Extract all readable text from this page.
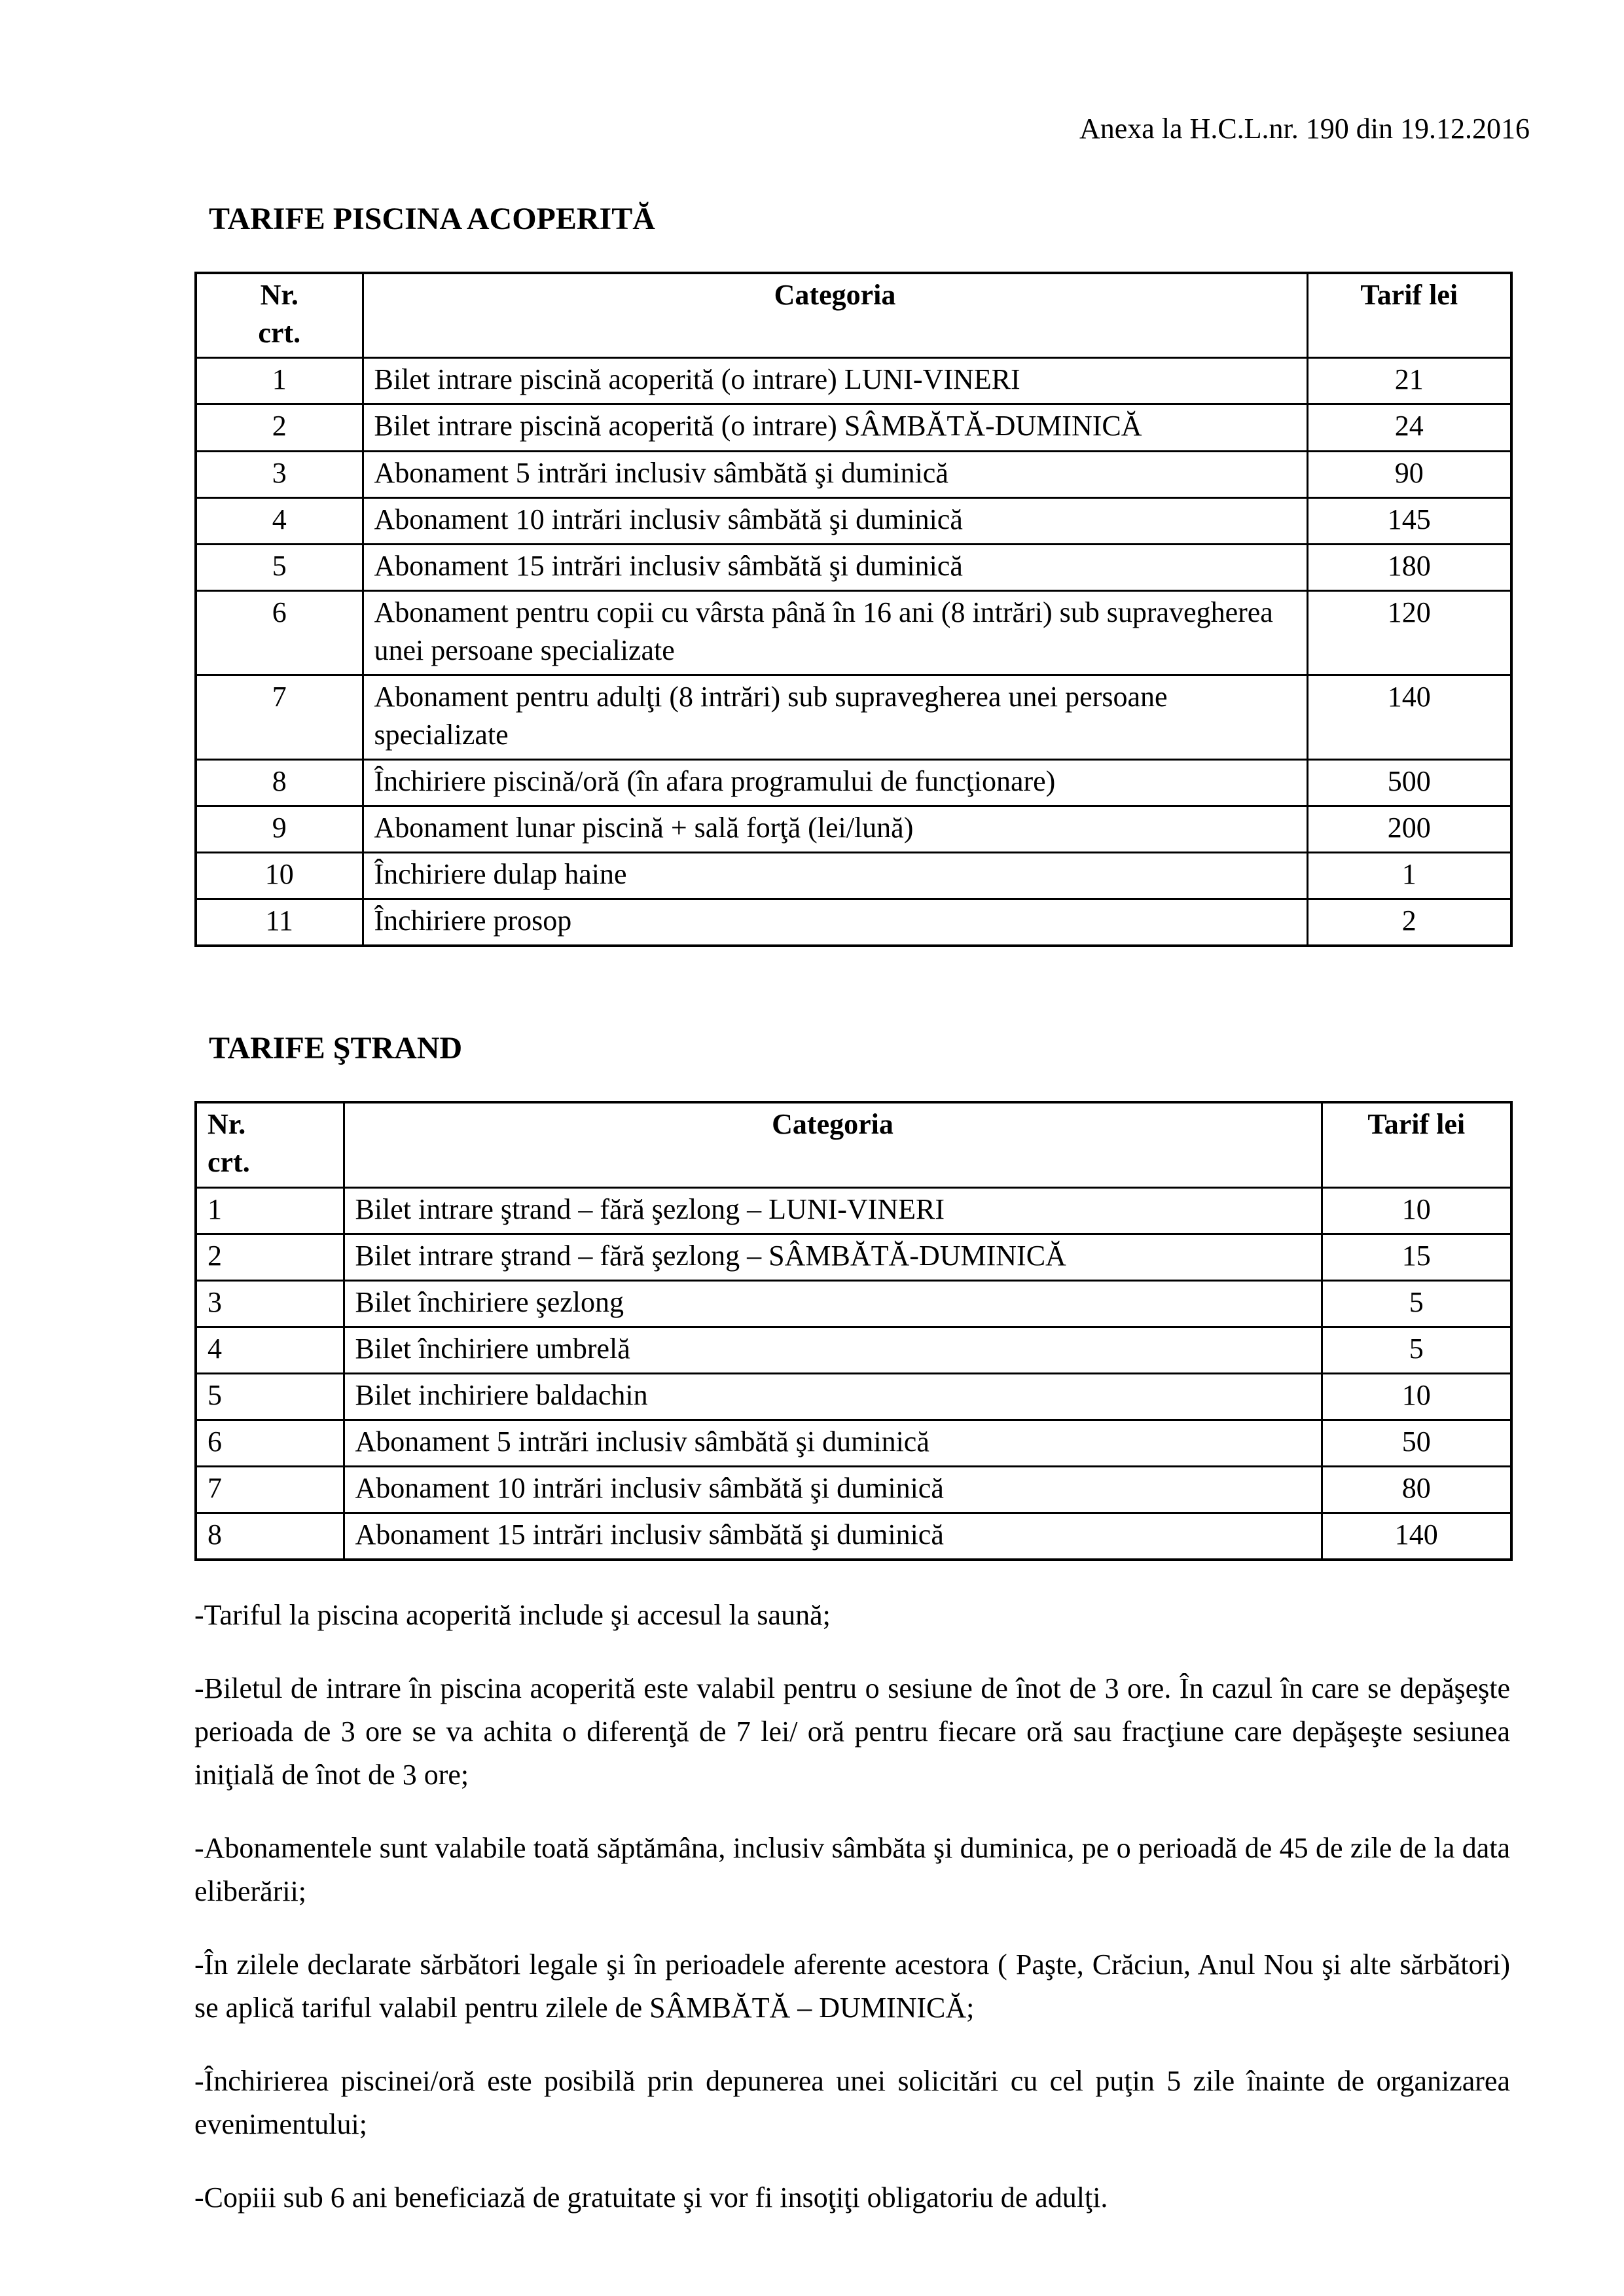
Anexa la H.C.L.nr. 190 din 19.12.2016
TARIFE PISCINA ACOPERITĂ
Nr.
crt.	Categoria	Tarif lei
1	Bilet intrare piscină acoperită (o intrare) LUNI-VINERI	21
2	Bilet intrare piscină acoperită (o intrare) SÂMBĂTĂ-DUMINICĂ	24
3	Abonament 5 intrări inclusiv sâmbătă şi duminică	90
4	Abonament 10 intrări inclusiv sâmbătă şi duminică	145
5	Abonament 15 intrări inclusiv sâmbătă şi duminică	180
6	Abonament pentru copii cu vârsta până în 16 ani (8 intrări) sub supravegherea unei persoane specializate	120
7	Abonament pentru adulţi (8 intrări) sub supravegherea unei persoane specializate	140
8	Închiriere piscină/oră (în afara programului de funcţionare)	500
9	Abonament lunar piscină + sală forţă (lei/lună)	200
10	Închiriere dulap haine	1
11	Închiriere prosop	2
TARIFE ŞTRAND
Nr.
crt.	Categoria	Tarif lei
1	Bilet intrare ştrand – fără şezlong – LUNI-VINERI	10
2	Bilet intrare ştrand – fără şezlong – SÂMBĂTĂ-DUMINICĂ	15
3	Bilet închiriere şezlong	5
4	Bilet închiriere umbrelă	5
5	Bilet inchiriere baldachin	10
6	Abonament 5 intrări inclusiv sâmbătă şi duminică	50
7	Abonament 10 intrări inclusiv sâmbătă şi duminică	80
8	Abonament 15 intrări inclusiv sâmbătă şi duminică	140

-Tariful la piscina acoperită include şi accesul la saună;

-Biletul de intrare în piscina acoperită este valabil pentru o sesiune de înot de 3 ore. În cazul în care se depăşeşte perioada de 3 ore se va achita o diferenţă de 7 lei/ oră pentru fiecare oră sau fracţiune care depăşeşte sesiunea iniţială de înot de 3 ore;

-Abonamentele sunt valabile toată săptămâna, inclusiv sâmbăta şi duminica, pe o perioadă de 45 de zile de la data eliberării;

-În zilele declarate sărbători legale şi în perioadele aferente acestora ( Paşte, Crăciun, Anul Nou şi alte sărbători) se aplică tariful valabil pentru zilele de SÂMBĂTĂ – DUMINICĂ;

-Închirierea piscinei/oră este posibilă prin depunerea unei solicitări cu cel puţin 5 zile înainte de organizarea evenimentului;

-Copiii sub 6 ani beneficiază de gratuitate şi vor fi insoţiţi obligatoriu de adulţi.
